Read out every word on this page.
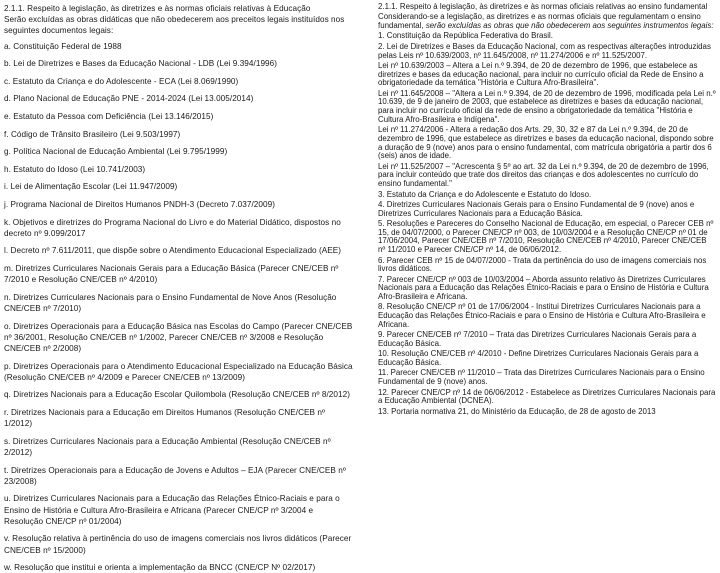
2.1.1. Respeito à legislação, às diretrizes e às normas oficiais relativas à Educação
Serão excluídas as obras didáticas que não obedecerem aos preceitos legais instituídos nos seguintes documentos legais:
a. Constituição Federal de 1988
b. Lei de Diretrizes e Bases da Educação Nacional - LDB (Lei 9.394/1996)
c. Estatuto da Criança e do Adolescente - ECA (Lei 8.069/1990)
d. Plano Nacional de Educação PNE - 2014-2024 (Lei 13.005/2014)
e. Estatuto da Pessoa com Deficiência (Lei 13.146/2015)
f. Código de Trânsito Brasileiro (Lei 9.503/1997)
g. Política Nacional de Educação Ambiental (Lei 9.795/1999)
h. Estatuto do Idoso (Lei 10.741/2003)
i. Lei de Alimentação Escolar (Lei 11.947/2009)
j. Programa Nacional de Direitos Humanos PNDH-3 (Decreto 7.037/2009)
k. Objetivos e diretrizes do Programa Nacional do Livro e do Material Didático, dispostos no decreto nº 9.099/2017
l. Decreto nº 7.611/2011, que dispõe sobre o Atendimento Educacional Especializado (AEE)
m. Diretrizes Curriculares Nacionais Gerais para a Educação Básica (Parecer CNE/CEB nº 7/2010 e Resolução CNE/CEB nº 4/2010)
n. Diretrizes Curriculares Nacionais para o Ensino Fundamental de Nove Anos (Resolução CNE/CEB nº 7/2010)
o. Diretrizes Operacionais para a Educação Básica nas Escolas do Campo (Parecer CNE/CEB nº 36/2001, Resolução CNE/CEB nº 1/2002, Parecer CNE/CEB nº 3/2008 e Resolução CNE/CEB nº 2/2008)
p. Diretrizes Operacionais para o Atendimento Educacional Especializado na Educação Básica (Resolução CNE/CEB nº 4/2009 e Parecer CNE/CEB nº 13/2009)
q. Diretrizes Nacionais para a Educação Escolar Quilombola (Resolução CNE/CEB nº 8/2012)
r. Diretrizes Nacionais para a Educação em Direitos Humanos (Resolução CNE/CEB nº 1/2012)
s. Diretrizes Curriculares Nacionais para a Educação Ambiental (Resolução CNE/CEB nº 2/2012)
t. Diretrizes Operacionais para a Educação de Jovens e Adultos – EJA (Parecer CNE/CEB nº 23/2008)
u. Diretrizes Curriculares Nacionais para a Educação das Relações Étnico-Raciais e para o Ensino de História e Cultura Afro-Brasileira e Africana (Parecer CNE/CP nº 3/2004 e Resolução CNE/CP nº 01/2004)
v. Resolução relativa à pertinência do uso de imagens comerciais nos livros didáticos (Parecer CNE/CEB nº 15/2000)
w. Resolução que institui e orienta a implementação da BNCC (CNE/CP Nº 02/2017)
2.1.1. Respeito à legislação, às diretrizes e às normas oficiais relativas ao ensino fundamental
Considerando-se a legislação, as diretrizes e as normas oficiais que regulamentam o ensino fundamental, serão excluídas as obras que não obedecerem aos seguintes instrumentos legais:
1. Constituição da República Federativa do Brasil.
2. Lei de Diretrizes e Bases da Educação Nacional, com as respectivas alterações introduzidas pelas Leis nº 10.639/2003, nº 11.645/2008, nº 11.274/2006 e nº 11.525/2007.
Lei nº 10.639/2003 – Altera a Lei n.º 9.394, de 20 de dezembro de 1996, que estabelece as diretrizes e bases da educação nacional, para incluir no currículo oficial da Rede de Ensino a obrigatoriedade da temática "História e Cultura Afro-Brasileira".
Lei nº 11.645/2008 – "Altera a Lei n.º 9.394, de 20 de dezembro de 1996, modificada pela Lei n.º 10.639, de 9 de janeiro de 2003, que estabelece as diretrizes e bases da educação nacional, para incluir no currículo oficial da rede de ensino a obrigatoriedade da temática "História e Cultura Afro-Brasileira e Indígena".
Lei nº 11.274/2006 - Altera a redação dos Arts. 29, 30, 32 e 87 da Lei n.º 9.394, de 20 de dezembro de 1996, que estabelece as diretrizes e bases da educação nacional, dispondo sobre a duração de 9 (nove) anos para o ensino fundamental, com matrícula obrigatória a partir dos 6 (seis) anos de idade.
Lei nº 11.525/2007 – "Acrescenta § 5º ao art. 32 da Lei n.º 9.394, de 20 de dezembro de 1996, para incluir conteúdo que trate dos direitos das crianças e dos adolescentes no currículo do ensino fundamental."
3. Estatuto da Criança e do Adolescente e Estatuto do Idoso.
4. Diretrizes Curriculares Nacionais Gerais para o Ensino Fundamental de 9 (nove) anos e Diretrizes Curriculares Nacionais para a Educação Básica.
5. Resoluções e Pareceres do Conselho Nacional de Educação, em especial, o Parecer CEB nº 15, de 04/07/2000, o Parecer CNE/CP nº 003, de 10/03/2004 e a Resolução CNE/CP nº 01 de 17/06/2004, Parecer CNE/CEB nº 7/2010, Resolução CNE/CEB nº 4/2010, Parecer CNE/CEB nº 11/2010 e Parecer CNE/CP nº 14, de 06/06/2012.
6. Parecer CEB nº 15 de 04/07/2000 - Trata da pertinência do uso de imagens comerciais nos livros didáticos.
7. Parecer CNE/CP nº 003 de 10/03/2004 – Aborda assunto relativo às Diretrizes Curriculares Nacionais para a Educação das Relações Étnico-Raciais e para o Ensino de História e Cultura Afro-Brasileira e Africana.
8. Resolução CNE/CP nº 01 de 17/06/2004 - Institui Diretrizes Curriculares Nacionais para a Educação das Relações Étnico-Raciais e para o Ensino de História e Cultura Afro-Brasileira e Africana.
9. Parecer CNE/CEB nº 7/2010 – Trata das Diretrizes Curriculares Nacionais Gerais para a Educação Básica.
10. Resolução CNE/CEB nº 4/2010 - Define Diretrizes Curriculares Nacionais Gerais para a Educação Básica.
11. Parecer CNE/CEB nº 11/2010 – Trata das Diretrizes Curriculares Nacionais para o Ensino Fundamental de 9 (nove) anos.
12. Parecer CNE/CP nº 14 de 06/06/2012 - Estabelece as Diretrizes Curriculares Nacionais para a Educação Ambiental (DCNEA).
13. Portaria normativa 21, do Ministério da Educação, de 28 de agosto de 2013
